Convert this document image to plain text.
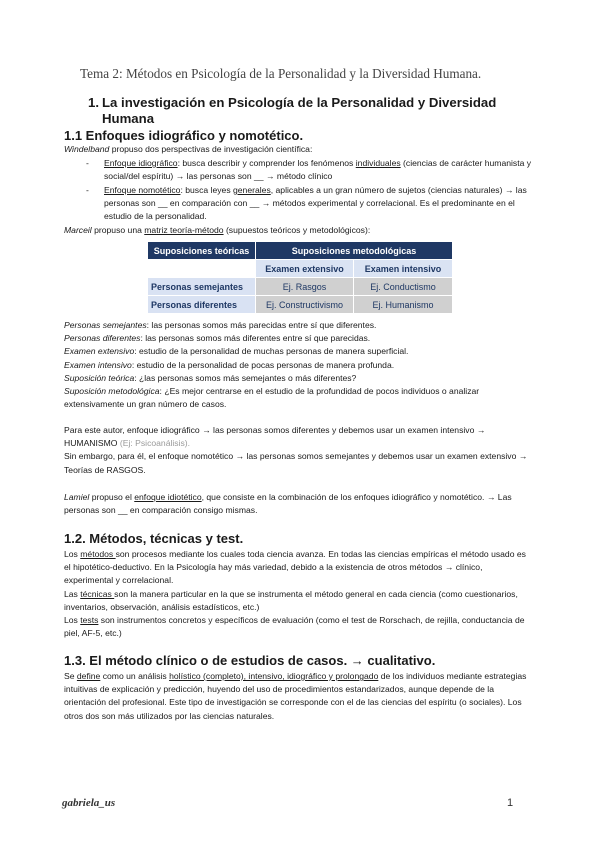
Tema 2: Métodos en Psicología de la Personalidad y la Diversidad Humana.
1. La investigación en Psicología de la Personalidad y Diversidad Humana
1.1 Enfoques idiográfico y nomotético.
Windelband propuso dos perspectivas de investigación científica:
- Enfoque idiográfico: busca describir y comprender los fenómenos individuales (ciencias de carácter humanista y social/del espíritu) → las personas son __ → método clínico
- Enfoque nomotético: busca leyes generales, aplicables a un gran número de sujetos (ciencias naturales) → las personas son __ en comparación con __ → métodos experimental y correlacional. Es el predominante en el estudio de la personalidad.
Marceil propuso una matriz teoría-método (supuestos teóricos y metodológicos):
Suposiciones teóricas	Suposiciones metodológicas	
	Examen extensivo	Examen intensivo
Personas semejantes	Ej. Rasgos	Ej. Conductismo
Personas diferentes	Ej. Constructivismo	Ej. Humanismo
Personas semejantes: las personas somos más parecidas entre sí que diferentes.
Personas diferentes: las personas somos más diferentes entre sí que parecidas.
Examen extensivo: estudio de la personalidad de muchas personas de manera superficial.
Examen intensivo: estudio de la personalidad de pocas personas de manera profunda.
Suposición teórica: ¿las personas somos más semejantes o más diferentes?
Suposición metodológica: ¿Es mejor centrarse en el estudio de la profundidad de pocos individuos o analizar extensivamente un gran número de casos.
Para este autor, enfoque idiográfico → las personas somos diferentes y debemos usar un examen intensivo → HUMANISMO (Ej: Psicoanálisis).
Sin embargo, para él, el enfoque nomotético → las personas somos semejantes y debemos usar un examen extensivo → Teorías de RASGOS.
Lamiel propuso el enfoque idiotético, que consiste en la combinación de los enfoques idiográfico y nomotético. → Las personas son __ en comparación consigo mismas.
1.2. Métodos, técnicas y test.
Los métodos son procesos mediante los cuales toda ciencia avanza. En todas las ciencias empíricas el método usado es el hipotético-deductivo. En la Psicología hay más variedad, debido a la existencia de otros métodos → clínico, experimental y correlacional.
Las técnicas son la manera particular en la que se instrumenta el método general en cada ciencia (como cuestionarios, inventarios, observación, análisis estadísticos, etc.)
Los tests son instrumentos concretos y específicos de evaluación (como el test de Rorschach, de rejilla, conductancia de piel, AF-5, etc.)
1.3. El método clínico o de estudios de casos. → cualitativo.
Se define como un análisis holístico (completo), intensivo, idiográfico y prolongado de los individuos mediante estrategias intuitivas de explicación y predicción, huyendo del uso de procedimientos estandarizados, aunque depende de la orientación del profesional. Este tipo de investigación se corresponde con el de las ciencias del espíritu (o sociales). Los otros dos son más utilizados por las ciencias naturales.
gabriela_us	1
